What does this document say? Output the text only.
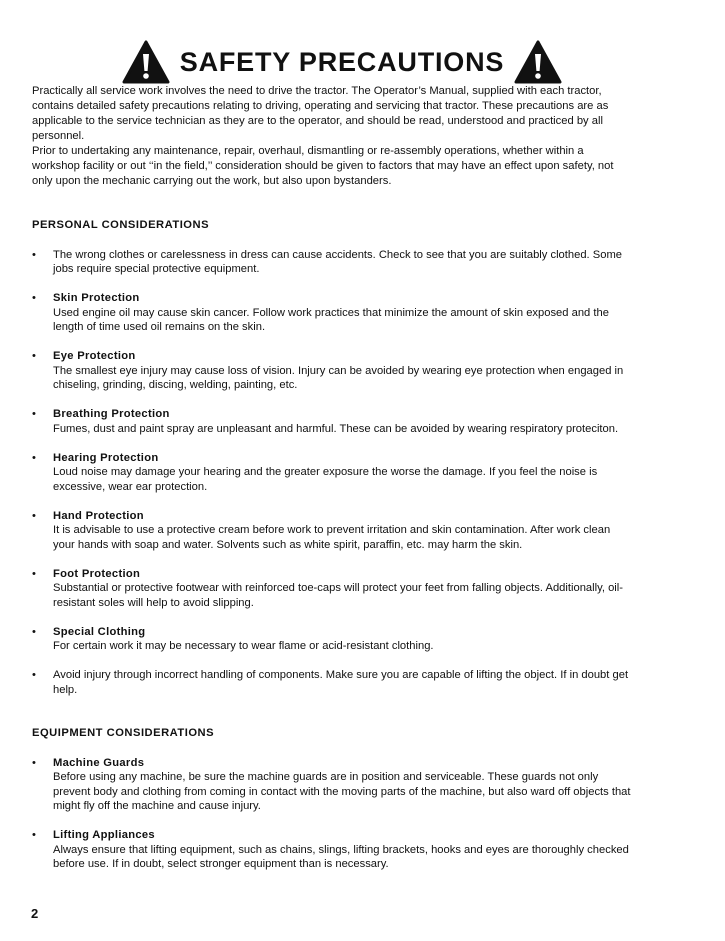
SAFETY PRECAUTIONS

Practically all service work involves the need to drive the tractor. The Operator’s Manual, supplied with each tractor, contains detailed safety precautions relating to driving, operating and servicing that tractor. These precautions are as applicable to the service technician as they are to the operator, and should be read, understood and practiced by all personnel.

Prior to undertaking any maintenance, repair, overhaul, dismantling or re-assembly operations, whether within a workshop facility or out ‘‘in the field,’’ consideration should be given to factors that may have an effect upon safety, not only upon the mechanic carrying out the work, but also upon bystanders.

PERSONAL CONSIDERATIONS
• The wrong clothes or carelessness in dress can cause accidents. Check to see that you are suitably clothed. Some jobs require special protective equipment.
• Skin Protection
Used engine oil may cause skin cancer. Follow work practices that minimize the amount of skin exposed and the length of time used oil remains on the skin.
• Eye Protection
The smallest eye injury may cause loss of vision. Injury can be avoided by wearing eye protection when engaged in chiseling, grinding, discing, welding, painting, etc.
• Breathing Protection
Fumes, dust and paint spray are unpleasant and harmful. These can be avoided by wearing respiratory proteciton.
• Hearing Protection
Loud noise may damage your hearing and the greater exposure the worse the damage. If you feel the noise is excessive, wear ear protection.
• Hand Protection
It is advisable to use a protective cream before work to prevent irritation and skin contamination. After work clean your hands with soap and water. Solvents such as white spirit, paraffin, etc. may harm the skin.
• Foot Protection
Substantial or protective footwear with reinforced toe-caps will protect your feet from falling objects. Additionally, oil-resistant soles will help to avoid slipping.
• Special Clothing
For certain work it may be necessary to wear flame or acid-resistant clothing.
• Avoid injury through incorrect handling of components. Make sure you are capable of lifting the object. If in doubt get help.
EQUIPMENT CONSIDERATIONS
• Machine Guards
Before using any machine, be sure the machine guards are in position and serviceable. These guards not only prevent body and clothing from coming in contact with the moving parts of the machine, but also ward off objects that might fly off the machine and cause injury.
• Lifting Appliances
Always ensure that lifting equipment, such as chains, slings, lifting brackets, hooks and eyes are thoroughly checked before use. If in doubt, select stronger equipment than is necessary.

2
